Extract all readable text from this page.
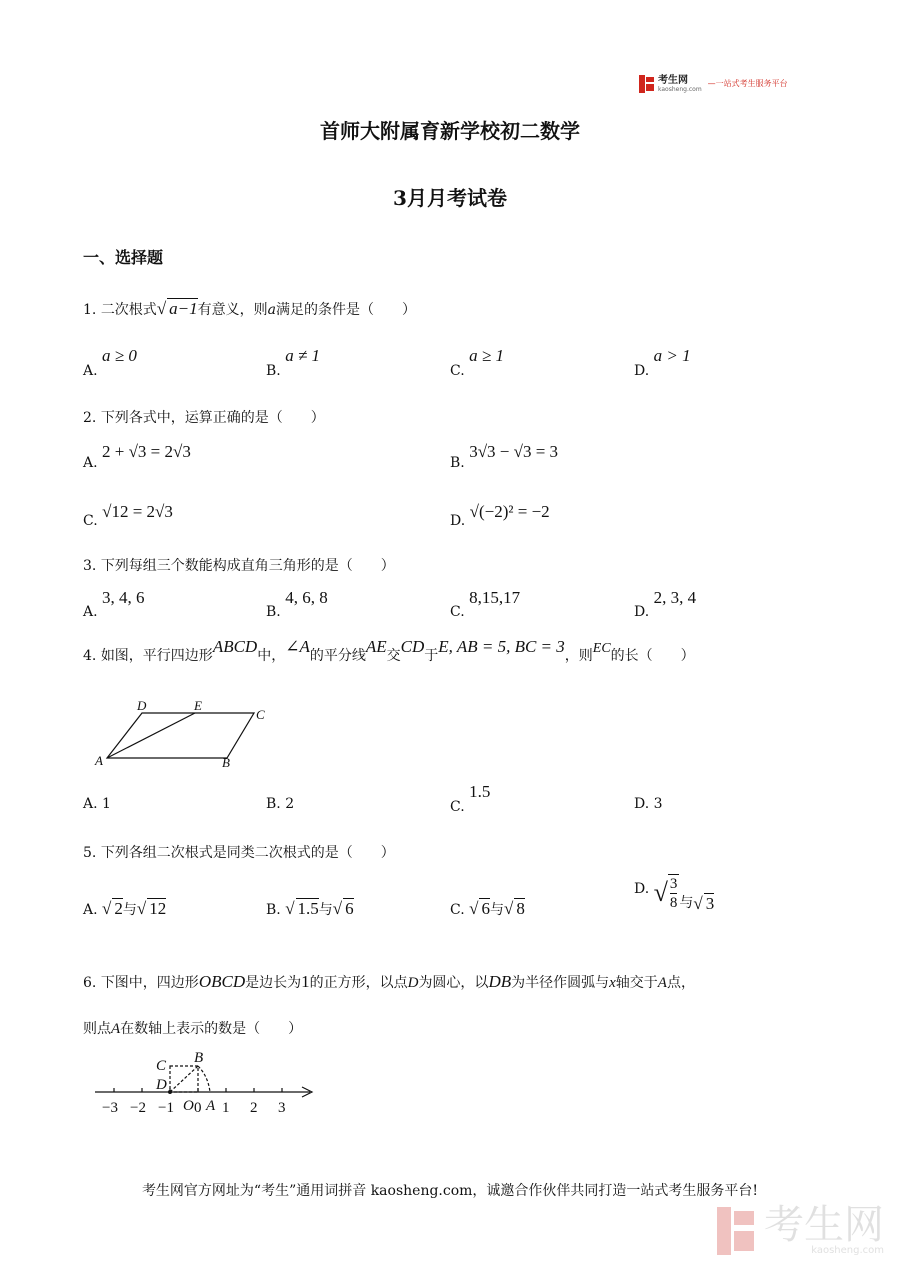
考生网
kaosheng.com
—一站式考生服务平台
首师大附属育新学校初二数学
3月月考试卷
一、选择题
1. 二次根式√ a−1有意义，则a满足的条件是（　　）
A. a ≥ 0
B. a ≠ 1
C. a ≥ 1
D. a > 1
2. 下列各式中，运算正确的是（　　）
A. 2 + √3 = 2√3
B. 3√3 − √3 = 3
C. √12 = 2√3	D. √(−2)² = −2
3. 下列每组三个数能构成直角三角形的是（　　）
A. 3, 4, 6
B. 4, 6, 8
C. 8,15,17
D. 2, 3, 4
4. 如图，平行四边形ABCD中，∠A的平分线AE交CD于E, AB = 5, BC = 3，则EC的长（　　）
D	E
C
A	B
A. 1	B. 2	C. 1.5
D. 3
5. 下列各组二次根式是同类二次根式的是（　　）
A. √ 2与√ 12	B. √ 1.5与√ 6	C. √ 6与√ 8
D. √ $\frac{3}{8}$ 与√ 3
6. 下图中，四边形OBCD是边长为1的正方形，以点D为圆心，以DB为半径作圆弧与x轴交于A点，
则点A在数轴上表示的数是（　　）
C B
D
−3 −2 −1 O 0 A 1 2 3
考生网官方网址为“考生”通用词拼音 kaosheng.com，诚邀合作伙伴共同打造一站式考生服务平台!
考生网
kaosheng.com
